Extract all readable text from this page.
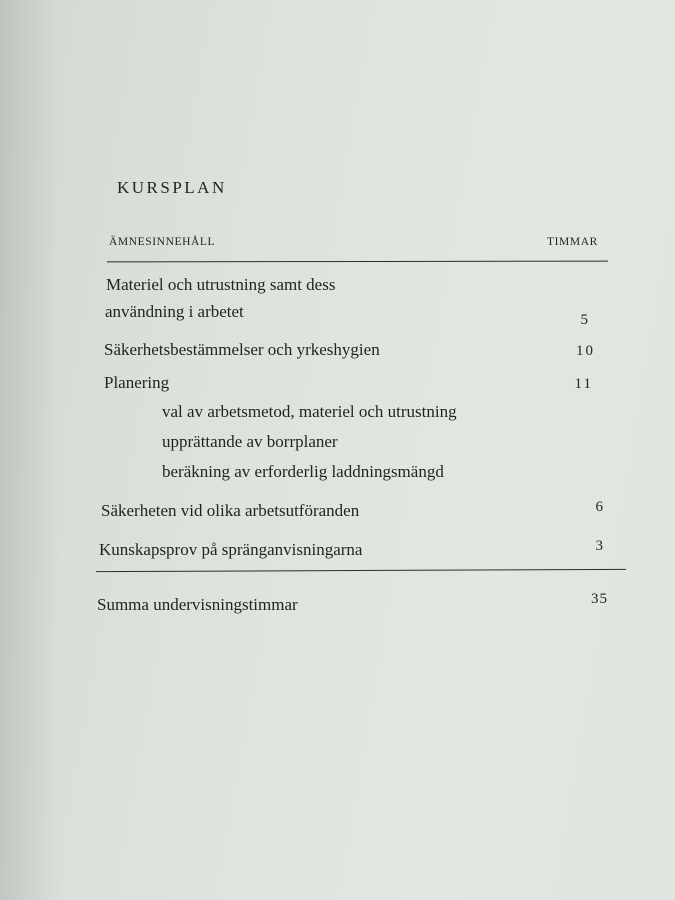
KURSPLAN
ÄMNESINNEHÅLL	TIMMAR
Materiel och utrustning samt dess
användning i arbetet	5
Säkerhetsbestämmelser och yrkeshygien	10
Planering	11
val av arbetsmetod, materiel och utrustning
upprättande av borrplaner
beräkning av erforderlig laddningsmängd
Säkerheten vid olika arbetsutföranden	6
Kunskapsprov på spränganvisningarna	3
Summa undervisningstimmar	35
